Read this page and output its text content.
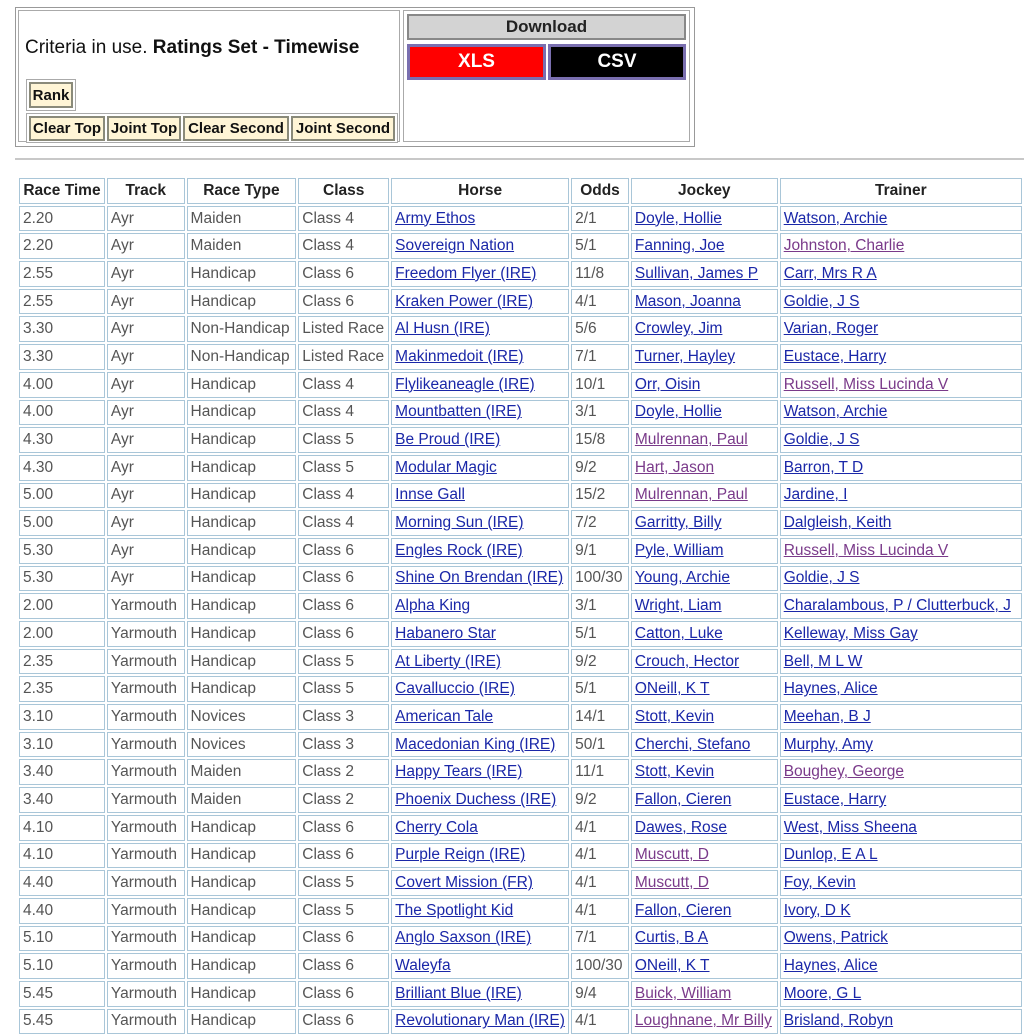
Criteria in use. Ratings Set - Timewise
Rank
Clear Top Joint Top Clear Second Joint Second
Download
XLS	CSV
Race Time	Track	Race Type	Class	Horse	Odds	Jockey	Trainer
2.20	Ayr	Maiden	Class 4	Army Ethos	2/1	Doyle, Hollie	Watson, Archie
2.20	Ayr	Maiden	Class 4	Sovereign Nation	5/1	Fanning, Joe	Johnston, Charlie
2.55	Ayr	Handicap	Class 6	Freedom Flyer (IRE)	11/8	Sullivan, James P	Carr, Mrs R A
2.55	Ayr	Handicap	Class 6	Kraken Power (IRE)	4/1	Mason, Joanna	Goldie, J S
3.30	Ayr	Non-Handicap	Listed Race	Al Husn (IRE)	5/6	Crowley, Jim	Varian, Roger
3.30	Ayr	Non-Handicap	Listed Race	Makinmedoit (IRE)	7/1	Turner, Hayley	Eustace, Harry
4.00	Ayr	Handicap	Class 4	Flylikeaneagle (IRE)	10/1	Orr, Oisin	Russell, Miss Lucinda V
4.00	Ayr	Handicap	Class 4	Mountbatten (IRE)	3/1	Doyle, Hollie	Watson, Archie
4.30	Ayr	Handicap	Class 5	Be Proud (IRE)	15/8	Mulrennan, Paul	Goldie, J S
4.30	Ayr	Handicap	Class 5	Modular Magic	9/2	Hart, Jason	Barron, T D
5.00	Ayr	Handicap	Class 4	Innse Gall	15/2	Mulrennan, Paul	Jardine, I
5.00	Ayr	Handicap	Class 4	Morning Sun (IRE)	7/2	Garritty, Billy	Dalgleish, Keith
5.30	Ayr	Handicap	Class 6	Engles Rock (IRE)	9/1	Pyle, William	Russell, Miss Lucinda V
5.30	Ayr	Handicap	Class 6	Shine On Brendan (IRE)	100/30	Young, Archie	Goldie, J S
2.00	Yarmouth	Handicap	Class 6	Alpha King	3/1	Wright, Liam	Charalambous, P / Clutterbuck, J
2.00	Yarmouth	Handicap	Class 6	Habanero Star	5/1	Catton, Luke	Kelleway, Miss Gay
2.35	Yarmouth	Handicap	Class 5	At Liberty (IRE)	9/2	Crouch, Hector	Bell, M L W
2.35	Yarmouth	Handicap	Class 5	Cavalluccio (IRE)	5/1	ONeill, K T	Haynes, Alice
3.10	Yarmouth	Novices	Class 3	American Tale	14/1	Stott, Kevin	Meehan, B J
3.10	Yarmouth	Novices	Class 3	Macedonian King (IRE)	50/1	Cherchi, Stefano	Murphy, Amy
3.40	Yarmouth	Maiden	Class 2	Happy Tears (IRE)	11/1	Stott, Kevin	Boughey, George
3.40	Yarmouth	Maiden	Class 2	Phoenix Duchess (IRE)	9/2	Fallon, Cieren	Eustace, Harry
4.10	Yarmouth	Handicap	Class 6	Cherry Cola	4/1	Dawes, Rose	West, Miss Sheena
4.10	Yarmouth	Handicap	Class 6	Purple Reign (IRE)	4/1	Muscutt, D	Dunlop, E A L
4.40	Yarmouth	Handicap	Class 5	Covert Mission (FR)	4/1	Muscutt, D	Foy, Kevin
4.40	Yarmouth	Handicap	Class 5	The Spotlight Kid	4/1	Fallon, Cieren	Ivory, D K
5.10	Yarmouth	Handicap	Class 6	Anglo Saxson (IRE)	7/1	Curtis, B A	Owens, Patrick
5.10	Yarmouth	Handicap	Class 6	Waleyfa	100/30	ONeill, K T	Haynes, Alice
5.45	Yarmouth	Handicap	Class 6	Brilliant Blue (IRE)	9/4	Buick, William	Moore, G L
5.45	Yarmouth	Handicap	Class 6	Revolutionary Man (IRE)	4/1	Loughnane, Mr Billy	Brisland, Robyn
